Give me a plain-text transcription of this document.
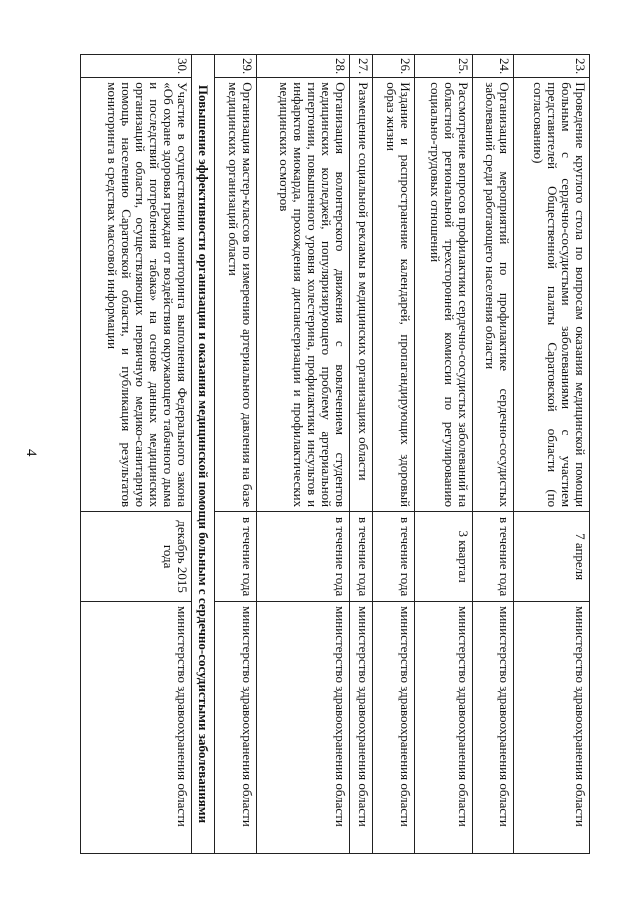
4
23.	Проведение круглого стола по вопросам оказания медицинской помощи больным с сердечно-сосудистыми заболеваниями с участием представителей Общественной палаты Саратовской области (по согласованию)	7 апреля	министерство здравоохранения области
24.	Организация мероприятий по профилактике сердечно-сосудистых заболеваний среди работающего населения области	в течение года	министерство здравоохранения области
25.	Рассмотрение вопросов профилактики сердечно-сосудистых заболеваний на областной региональной трехсторонней комиссии по регулированию социально-трудовых отношений	3 квартал	министерство здравоохранения области
26.	Издание и распространение календарей, пропагандирующих здоровый образ жизни	в течение года	министерство здравоохранения области
27.	Размещение социальной рекламы в медицинских организациях области	в течение года	министерство здравоохранения области
28.	Организация волонтерского движения с вовлечением студентов медицинских колледжей, популяризирующего проблему артериальной гипертонии, повышенного уровня холестерина, профилактики инсультов и инфарктов миокарда, прохождения диспансеризации и профилактических медицинских осмотров	в течение года	министерство здравоохранения области
29.	Организация мастер-классов по измерению артериального давления на базе медицинских организаций области	в течение года	министерство здравоохранения области
Повышение эффективности организации и оказания медицинской помощи больным с сердечно-сосудистыми заболеваниями			
30.	Участие в осуществлении мониторинга выполнения Федерального закона «Об охране здоровья граждан от воздействия окружающего табачного дыма и последствий потребления табака» на основе данных медицинских организаций области, осуществляющих первичную медико-санитарную помощь населению Саратовской области, и публикация результатов мониторинга в средствах массовой информации	декабрь 2015 года	министерство здравоохранения области
